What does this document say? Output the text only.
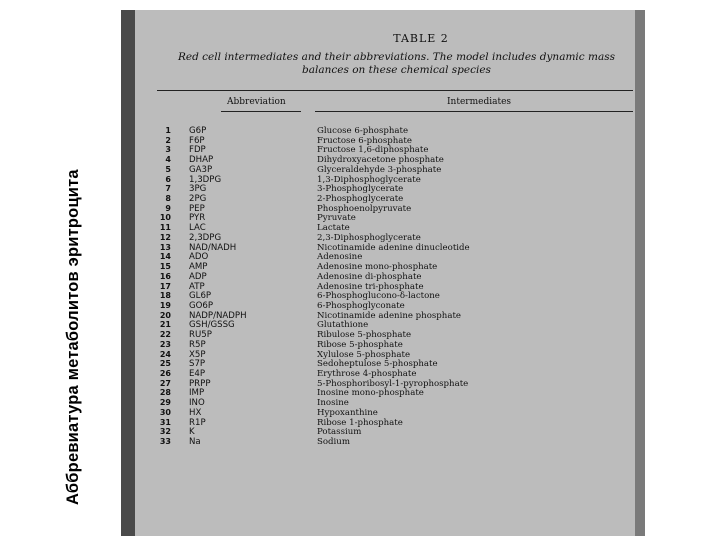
Аббревиатура метаболитов эритроцита
TABLE 2
Red cell intermediates and their abbreviations. The model includes dynamic mass balances on these chemical species
Abbreviation	Intermediates
1 G6P	Glucose 6-phosphate
2 F6P	Fructose 6-phosphate
3 FDP	Fructose 1,6-diphosphate
4 DHAP	Dihydroxyacetone phosphate
5 GA3P	Glyceraldehyde 3-phosphate
6 1,3DPG	1,3-Diphosphoglycerate
7 3PG	3-Phosphoglycerate
8 2PG	2-Phosphoglycerate
9 PEP	Phosphoenolpyruvate
10 PYR	Pyruvate
11 LAC	Lactate
12 2,3DPG	2,3-Diphosphoglycerate
13 NAD/NADH	Nicotinamide adenine dinucleotide
14 ADO	Adenosine
15 AMP	Adenosine mono-phosphate
16 ADP	Adenosine di-phosphate
17 ATP	Adenosine tri-phosphate
18 GL6P	6-Phosphoglucono-δ-lactone
19 GO6P	6-Phosphoglyconate
20 NADP/NADPH	Nicotinamide adenine phosphate
21 GSH/GSSG	Glutathione
22 RU5P	Ribulose 5-phosphate
23 R5P	Ribose 5-phosphate
24 X5P	Xylulose 5-phosphate
25 S7P	Sedoheptulose 5-phosphate
26 E4P	Erythrose 4-phosphate
27 PRPP	5-Phosphoribosyl-1-pyrophosphate
28 IMP	Inosine mono-phosphate
29 INO	Inosine
30 HX	Hypoxanthine
31 R1P	Ribose 1-phosphate
32 K	Potassium
33 Na	Sodium
